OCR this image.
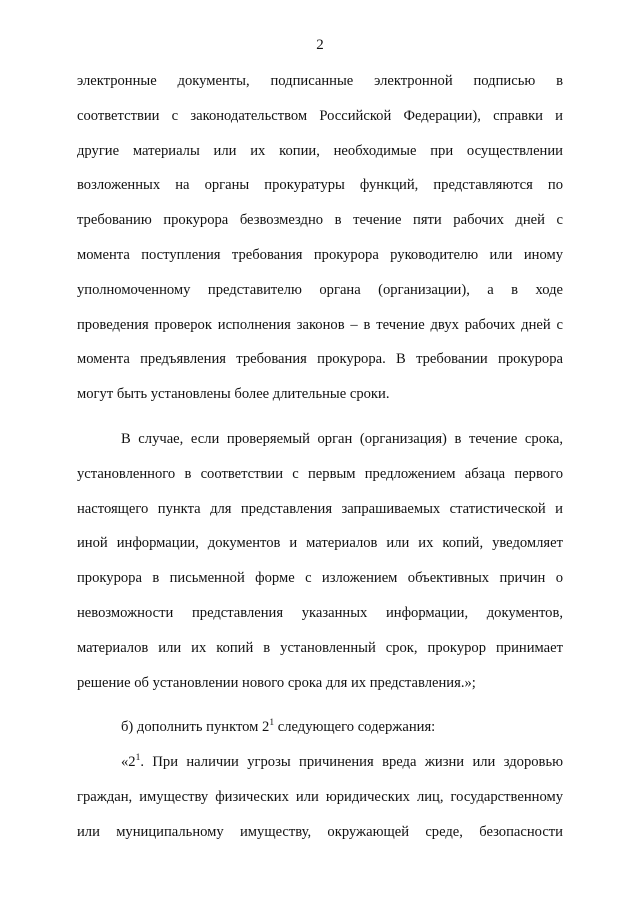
2

электронные документы, подписанные электронной подписью в
соответствии с законодательством Российской Федерации), справки и
другие материалы или их копии, необходимые при осуществлении
возложенных на органы прокуратуры функций, представляются по
требованию прокурора безвозмездно в течение пяти рабочих дней с
момента поступления требования прокурора руководителю или иному
уполномоченному представителю органа (организации), а в ходе
проведения проверок исполнения законов – в течение двух рабочих дней с
момента предъявления требования прокурора. В требовании прокурора
могут быть установлены более длительные сроки.

В случае, если проверяемый орган (организация) в течение срока,
установленного в соответствии с первым предложением абзаца первого
настоящего пункта для представления запрашиваемых статистической и
иной информации, документов и материалов или их копий, уведомляет
прокурора в письменной форме с изложением объективных причин о
невозможности представления указанных информации, документов,
материалов или их копий в установленный срок, прокурор принимает
решение об установлении нового срока для их представления.»;

б) дополнить пунктом $2^1$ следующего содержания:

«$2^1$. При наличии угрозы причинения вреда жизни или здоровью
граждан, имуществу физических или юридических лиц, государственному
или муниципальному имуществу, окружающей среде, безопасности
